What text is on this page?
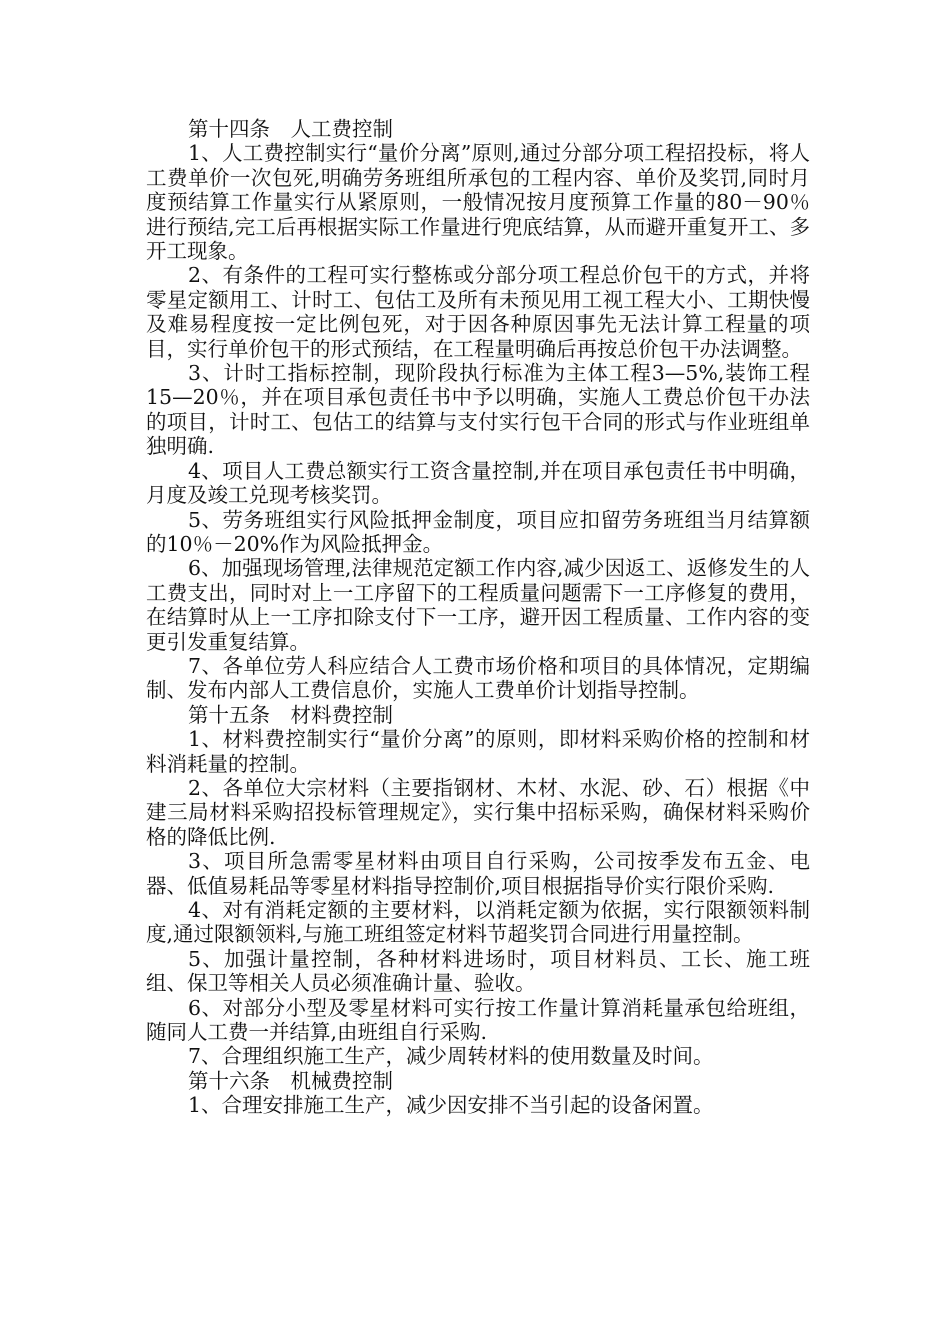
第十四条　人工费控制

1、人工费控制实行“量价分离”原则,通过分部分项工程招投标，将人工费单价一次包死,明确劳务班组所承包的工程内容、单价及奖罚,同时月度预结算工作量实行从紧原则，一般情况按月度预算工作量的80－90％进行预结,完工后再根据实际工作量进行兜底结算，从而避开重复开工、多开工现象。

2、有条件的工程可实行整栋或分部分项工程总价包干的方式，并将零星定额用工、计时工、包估工及所有未预见用工视工程大小、工期快慢及难易程度按一定比例包死，对于因各种原因事先无法计算工程量的项目，实行单价包干的形式预结，在工程量明确后再按总价包干办法调整。

3、计时工指标控制，现阶段执行标准为主体工程3—5%,装饰工程15—20％，并在项目承包责任书中予以明确，实施人工费总价包干办法的项目，计时工、包估工的结算与支付实行包干合同的形式与作业班组单独明确.

4、项目人工费总额实行工资含量控制,并在项目承包责任书中明确，月度及竣工兑现考核奖罚。

5、劳务班组实行风险抵押金制度，项目应扣留劳务班组当月结算额的10％－20%作为风险抵押金。

6、加强现场管理,法律规范定额工作内容,减少因返工、返修发生的人工费支出，同时对上一工序留下的工程质量问题需下一工序修复的费用，在结算时从上一工序扣除支付下一工序，避开因工程质量、工作内容的变更引发重复结算。

7、各单位劳人科应结合人工费市场价格和项目的具体情况，定期编制、发布内部人工费信息价，实施人工费单价计划指导控制。

第十五条　材料费控制

1、材料费控制实行“量价分离”的原则，即材料采购价格的控制和材料消耗量的控制。

2、各单位大宗材料（主要指钢材、木材、水泥、砂、石）根据《中建三局材料采购招投标管理规定》，实行集中招标采购，确保材料采购价格的降低比例.

3、项目所急需零星材料由项目自行采购，公司按季发布五金、电器、低值易耗品等零星材料指导控制价,项目根据指导价实行限价采购.

4、对有消耗定额的主要材料，以消耗定额为依据，实行限额领料制度,通过限额领料,与施工班组签定材料节超奖罚合同进行用量控制。

5、加强计量控制，各种材料进场时，项目材料员、工长、施工班组、保卫等相关人员必须准确计量、验收。

6、对部分小型及零星材料可实行按工作量计算消耗量承包给班组，随同人工费一并结算,由班组自行采购.

7、合理组织施工生产，减少周转材料的使用数量及时间。

第十六条　机械费控制

1、合理安排施工生产，减少因安排不当引起的设备闲置。
